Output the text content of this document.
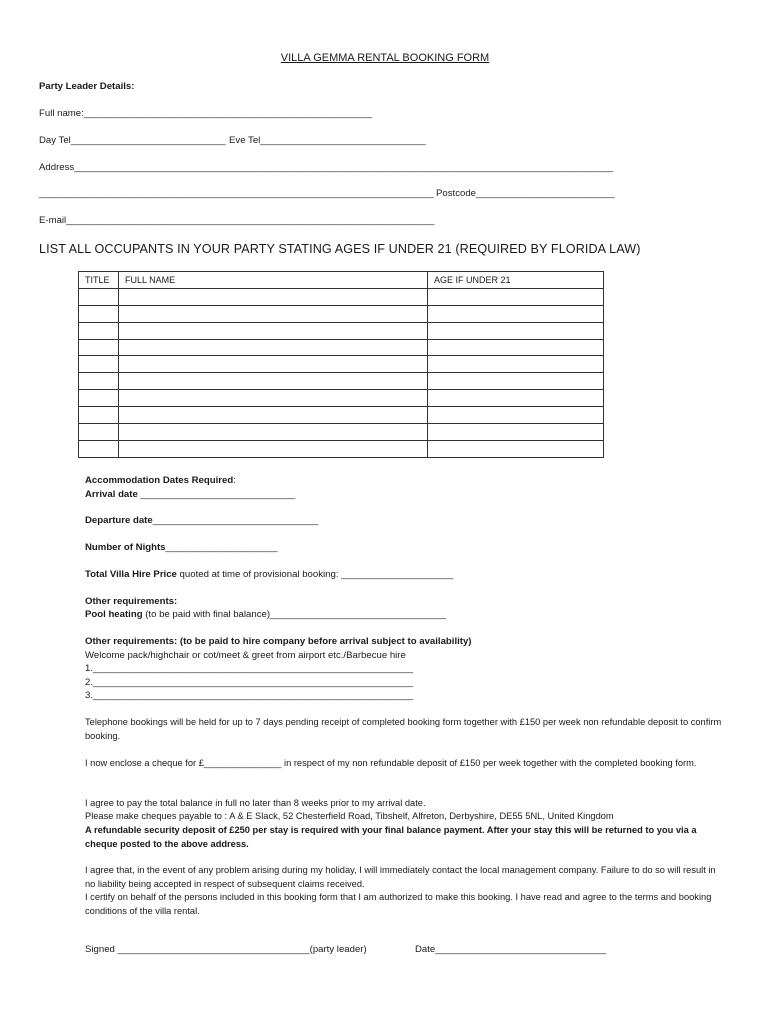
VILLA GEMMA RENTAL BOOKING FORM
Party Leader Details:
Full name:______________________________________________________
Day Tel_____________________________ Eve Tel_______________________________
Address_____________________________________________________________________________________________________
__________________________________________________________________________ Postcode__________________________
E-mail_____________________________________________________________________
LIST ALL OCCUPANTS IN YOUR PARTY STATING AGES IF UNDER 21 (REQUIRED BY FLORIDA LAW)
TITLE	FULL NAME	AGE IF UNDER 21

Accommodation Dates Required:
Arrival date _____________________________
Departure date_______________________________
Number of Nights_____________________
Total Villa Hire Price quoted at time of provisional booking: _____________________
Other requirements:
Pool heating (to be paid with final balance)_________________________________
Other requirements: (to be paid to hire company before arrival subject to availability)
Welcome pack/highchair or cot/meet & greet from airport etc./Barbecue hire
1.____________________________________________________________
2.____________________________________________________________
3.____________________________________________________________
Telephone bookings will be held for up to 7 days pending receipt of completed booking form together with £150 per week non refundable deposit to confirm booking.
I now enclose a cheque for £_______________ in respect of my non refundable deposit of £150 per week together with the completed booking form.
I agree to pay the total balance in full no later than 8 weeks prior to my arrival date.
Please make cheques payable to : A & E Slack, 52 Chesterfield Road, Tibshelf, Alfreton, Derbyshire, DE55 5NL, United Kingdom
A refundable security deposit of £250 per stay is required with your final balance payment. After your stay this will be returned to you via a cheque posted to the above address.
I agree that, in the event of any problem arising during my holiday, I will immediately contact the local management company. Failure to do so will result in no liability being accepted in respect of subsequent claims received.
I certify on behalf of the persons included in this booking form that I am authorized to make this booking. I have read and agree to the terms and booking conditions of the villa rental.
Signed ____________________________________(party leader)	Date________________________________
